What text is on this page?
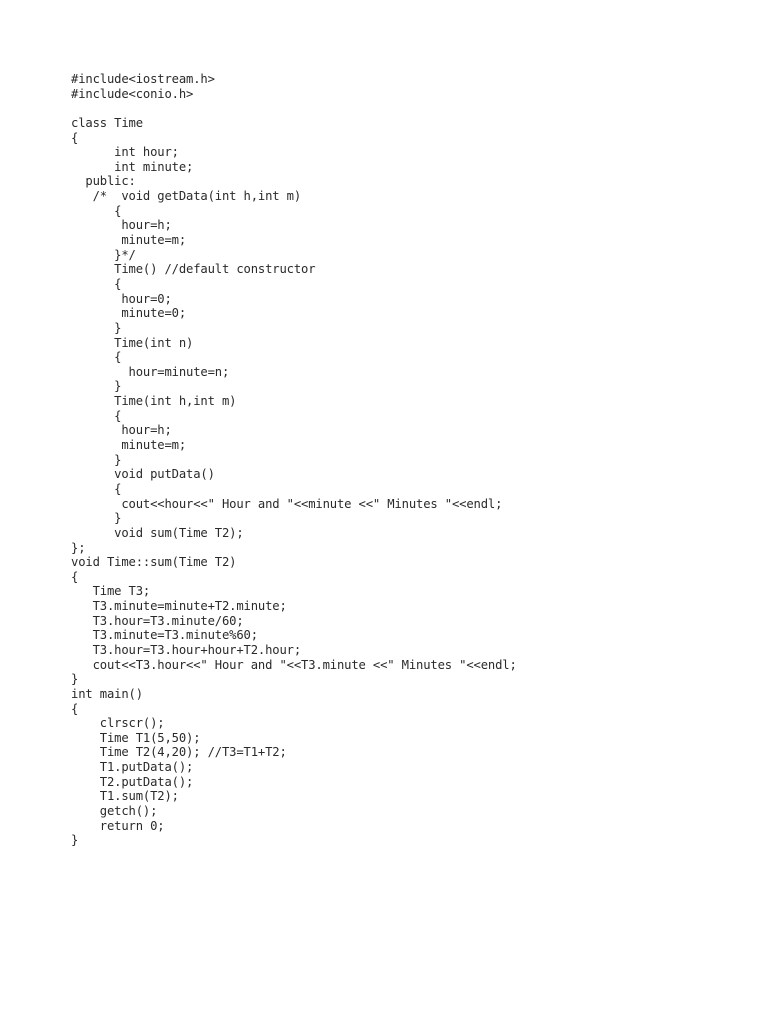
#include<iostream.h>
#include<conio.h>
class Time
{
int hour;
int minute;
public:
/*  void getData(int h,int m)
{
hour=h;
minute=m;
}*/
Time() //default constructor
{
hour=0;
minute=0;
}
Time(int n)
{
hour=minute=n;
}
Time(int h,int m)
{
hour=h;
minute=m;
}
void putData()
{
cout<<hour<<" Hour and "<<minute <<" Minutes "<<endl;
}
void sum(Time T2);
};
void Time::sum(Time T2)
{
Time T3;
T3.minute=minute+T2.minute;
T3.hour=T3.minute/60;
T3.minute=T3.minute%60;
T3.hour=T3.hour+hour+T2.hour;
cout<<T3.hour<<" Hour and "<<T3.minute <<" Minutes "<<endl;
}
int main()
{
clrscr();
Time T1(5,50);
Time T2(4,20); //T3=T1+T2;
T1.putData();
T2.putData();
T1.sum(T2);
getch();
return 0;
}
